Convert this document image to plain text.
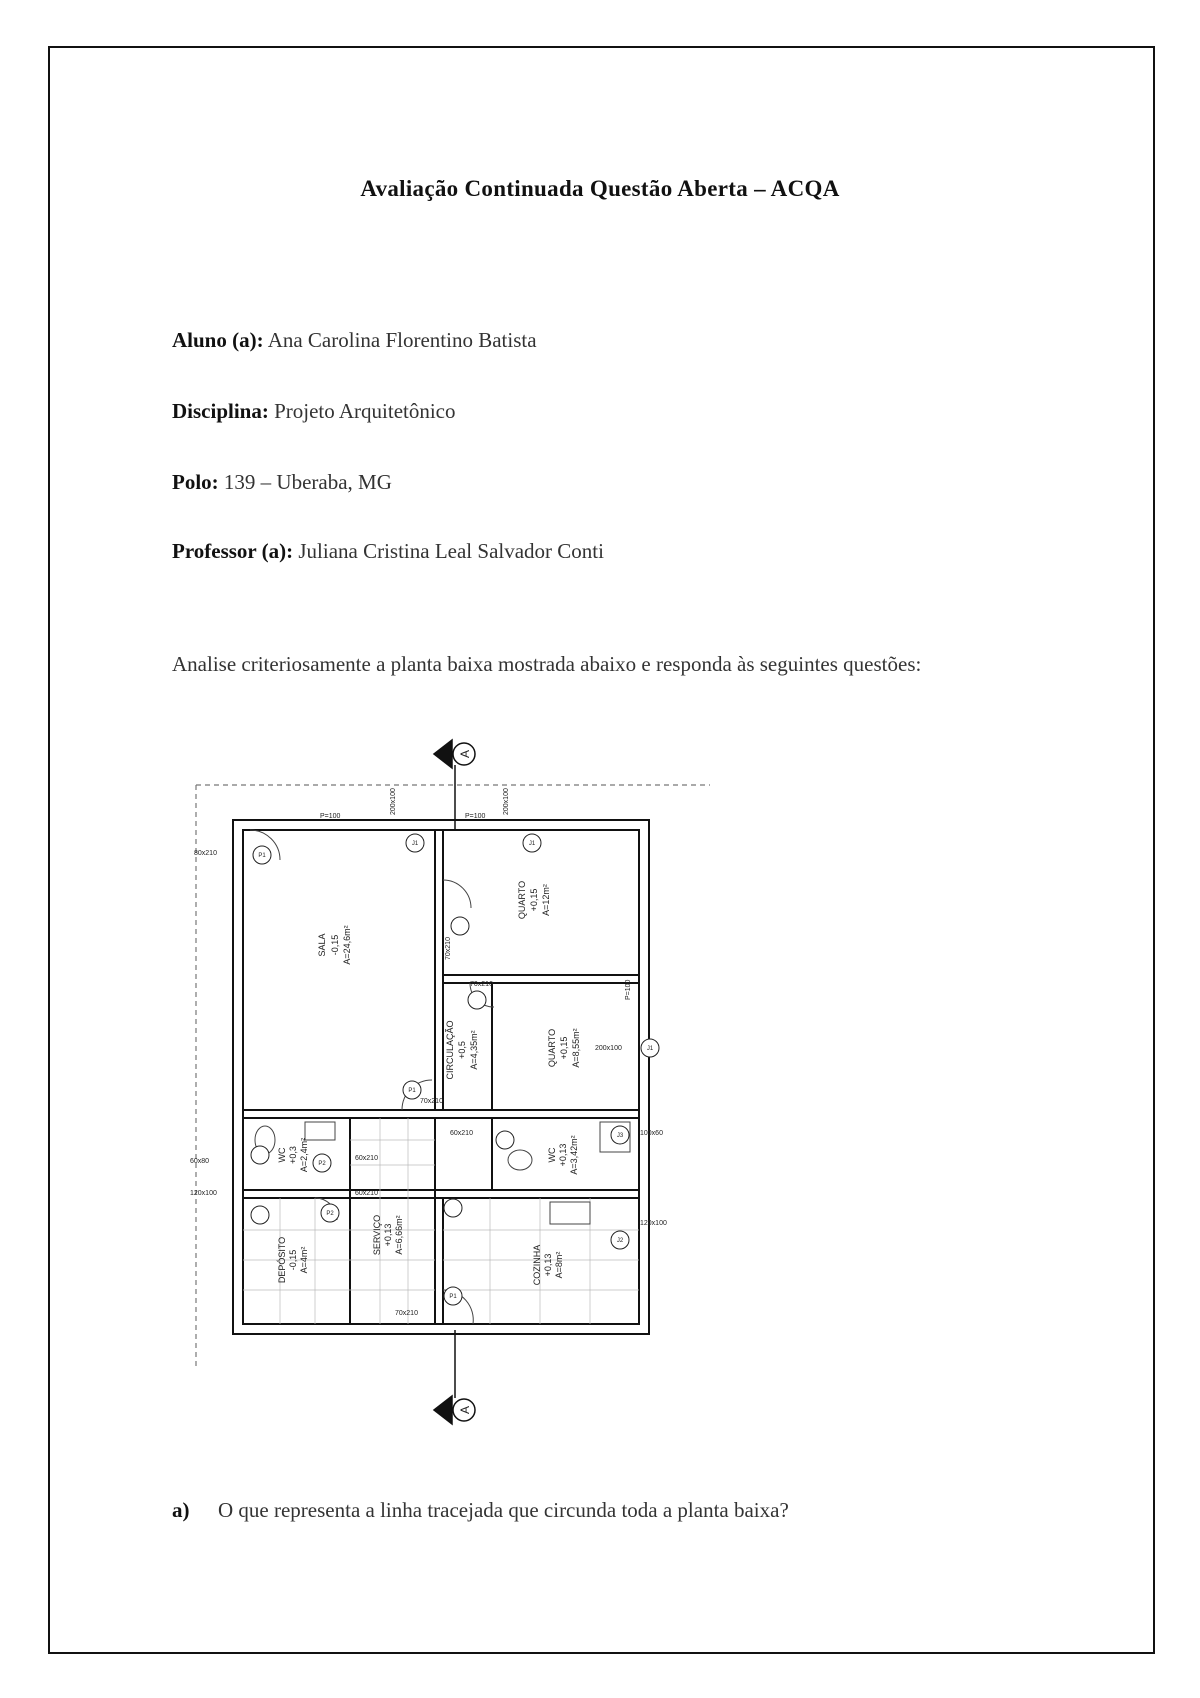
Avaliação Continuada Questão Aberta – ACQA
Aluno (a): Ana Carolina Florentino Batista
Disciplina: Projeto Arquitetônico
Polo: 139 – Uberaba, MG
Professor (a): Juliana Cristina Leal Salvador Conti
Analise criteriosamente a planta baixa mostrada abaixo e responda às seguintes questões:
A
A
SALA -0,15 A=24,6m²
QUARTO +0,15 A=12m²
CIRCULAÇÃO +0,5 A=4,35m²	QUARTO +0,15 A=8,55m²
WC +0,3 A=2,4m²	WC +0,13 A=3,42m²
DEPÓSITO -0,15 A=4m²
SERVIÇO +0,13 A=6,66m²
COZINHA +0,13 A=8m²
P=100	P=100
200x100	200x100
80x210
70x210
70x210	P=100
200x100
70x210
60x210	100x60
60x210
60x80
120x100	60x210
120x100
70x210
P1
J1	J1
P1
J1
P2
J3
P2
J2
P1
a) O que representa a linha tracejada que circunda toda a planta baixa?
